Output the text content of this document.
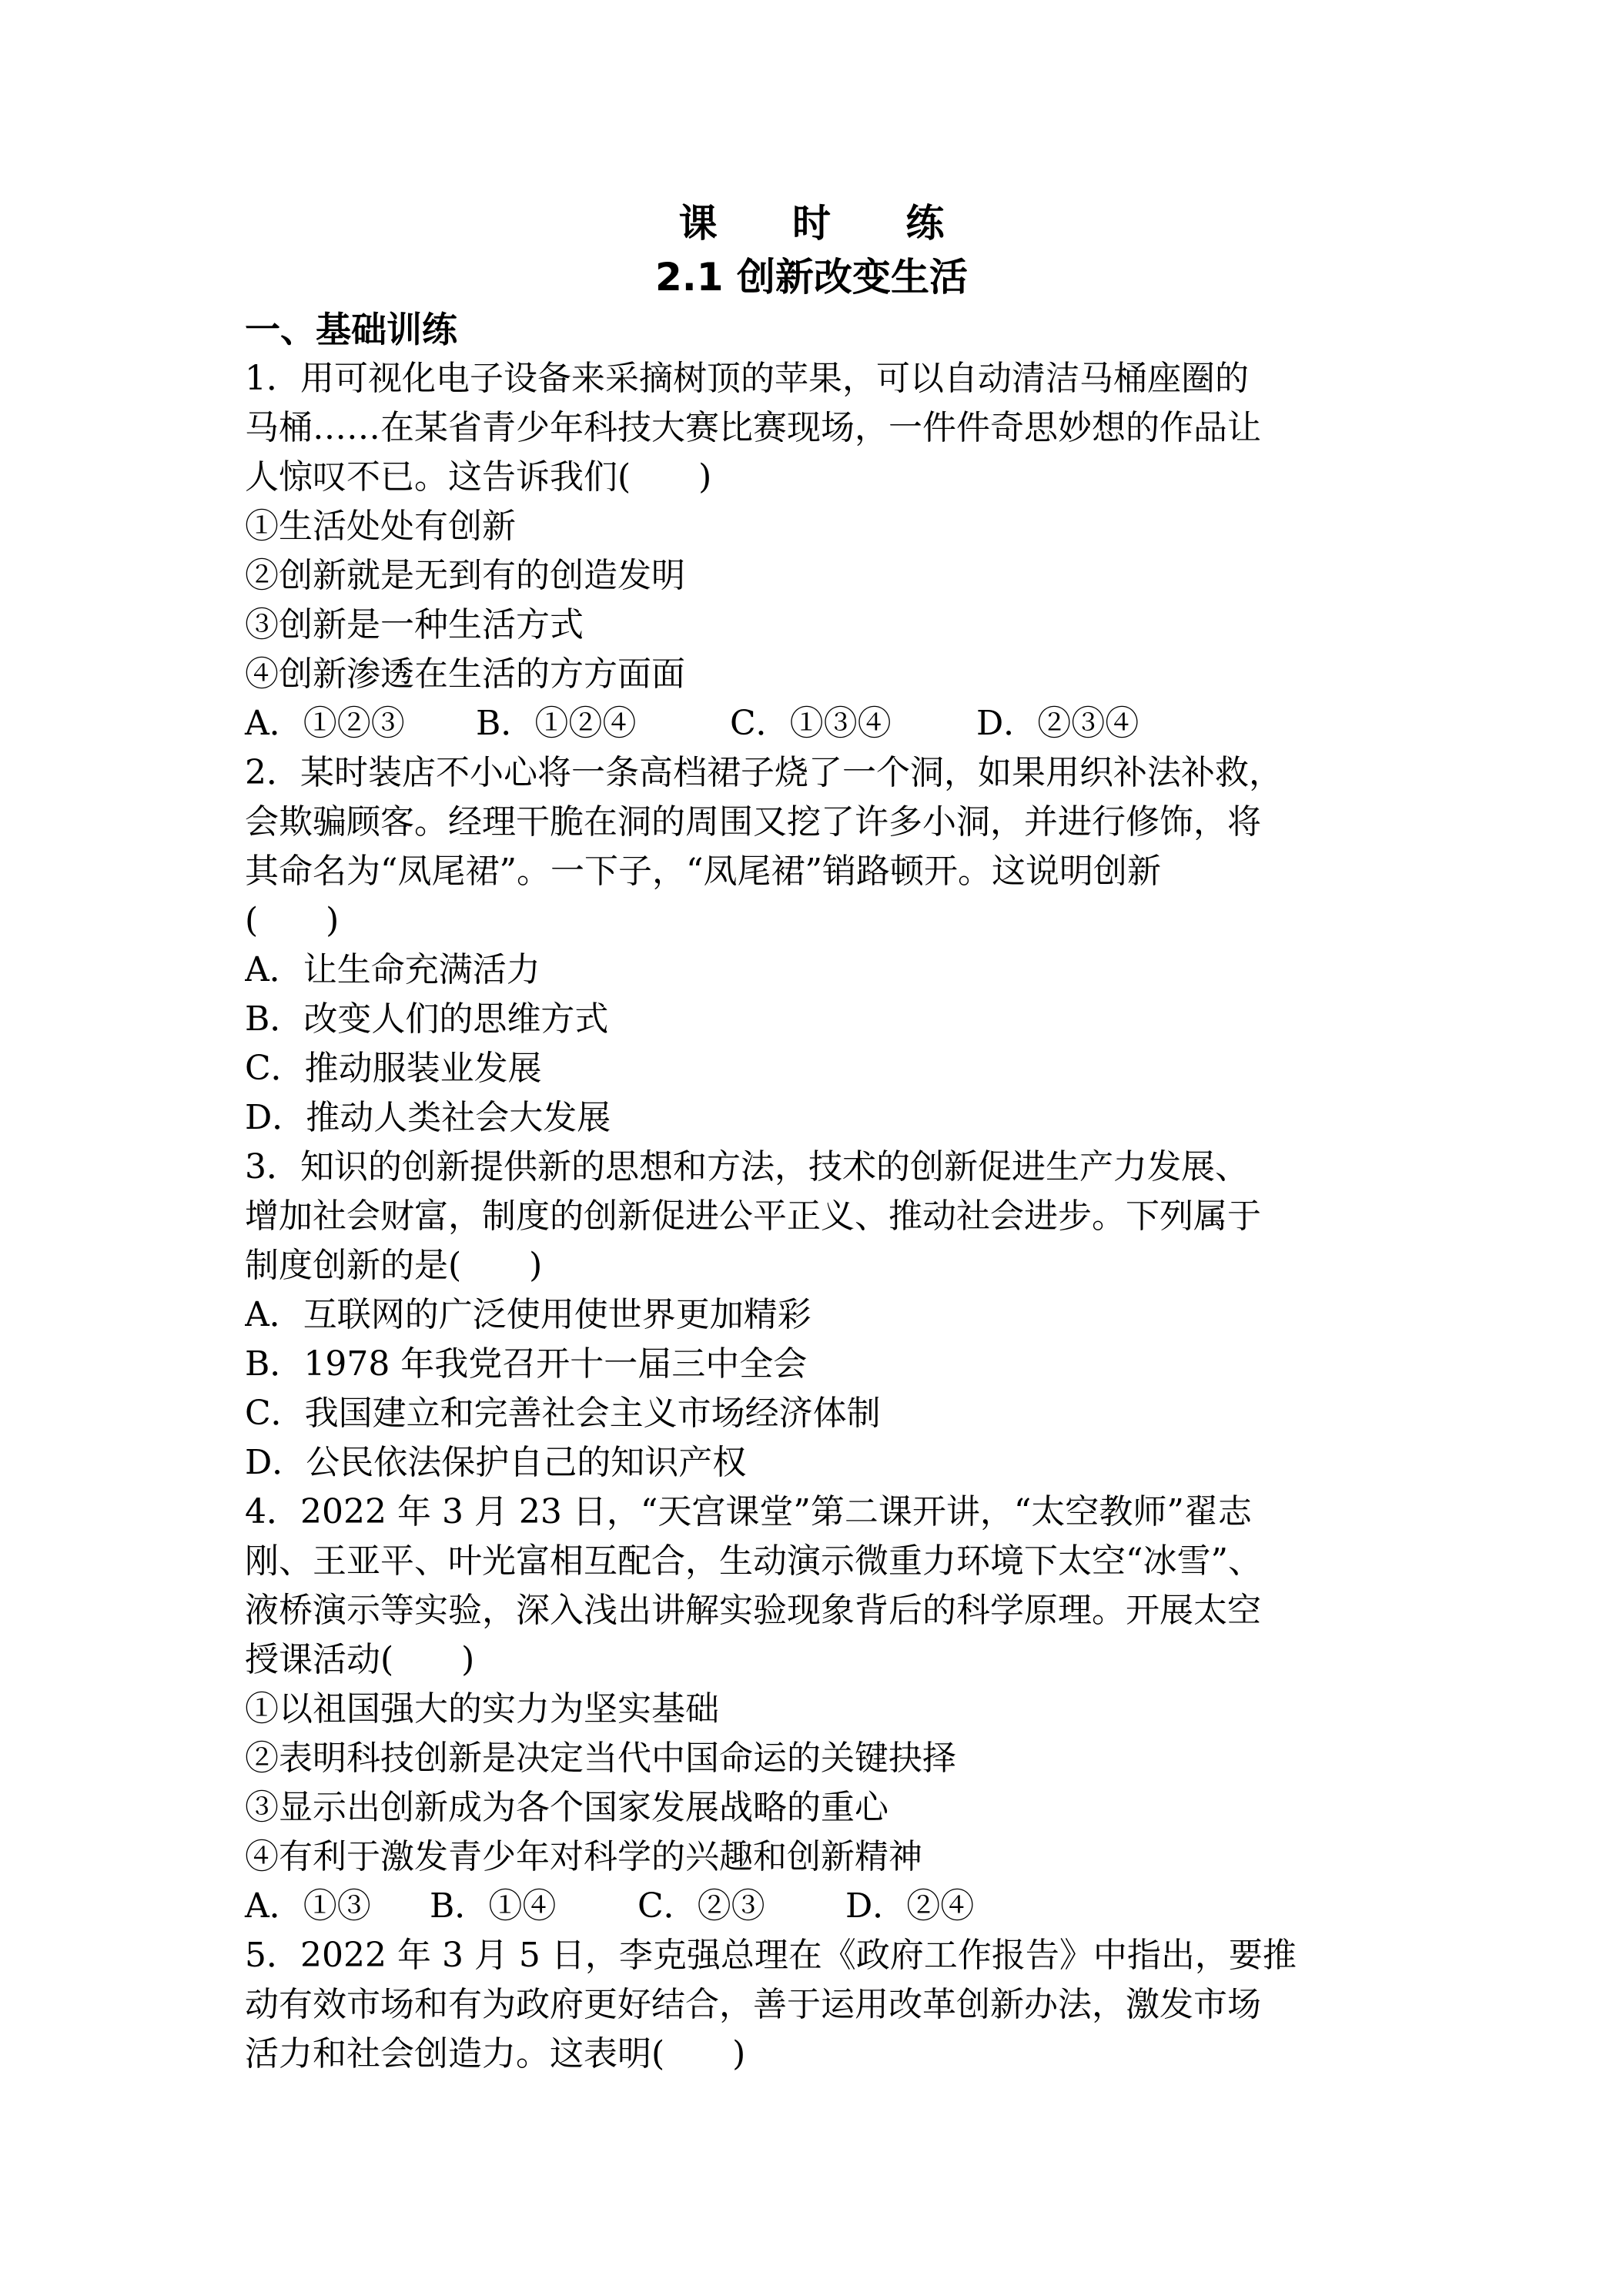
课 时 练
2.1 创新改变生活
一、基础训练
1．用可视化电子设备来采摘树顶的苹果，可以自动清洁马桶座圈的
马桶……在某省青少年科技大赛比赛现场，一件件奇思妙想的作品让
人惊叹不已。这告诉我们(　　)
①生活处处有创新
②创新就是无到有的创造发明
③创新是一种生活方式
④创新渗透在生活的方方面面
A．①②③	B．①②④	C．①③④	D．②③④
2．某时装店不小心将一条高档裙子烧了一个洞，如果用织补法补救，
会欺骗顾客。经理干脆在洞的周围又挖了许多小洞，并进行修饰，将
其命名为“凤尾裙”。一下子，“凤尾裙”销路顿开。这说明创新
(　　)
A．让生命充满活力
B．改变人们的思维方式
C．推动服装业发展
D．推动人类社会大发展
3．知识的创新提供新的思想和方法，技术的创新促进生产力发展、
增加社会财富，制度的创新促进公平正义、推动社会进步。下列属于
制度创新的是(　　)
A．互联网的广泛使用使世界更加精彩
B．1978 年我党召开十一届三中全会
C．我国建立和完善社会主义市场经济体制
D．公民依法保护自己的知识产权
4．2022 年 3 月 23 日，“天宫课堂”第二课开讲，“太空教师”翟志
刚、王亚平、叶光富相互配合，生动演示微重力环境下太空“冰雪”、
液桥演示等实验，深入浅出讲解实验现象背后的科学原理。开展太空
授课活动(　　)
①以祖国强大的实力为坚实基础
②表明科技创新是决定当代中国命运的关键抉择
③显示出创新成为各个国家发展战略的重心
④有利于激发青少年对科学的兴趣和创新精神
A．①③	B．①④	C．②③	D．②④
5．2022 年 3 月 5 日，李克强总理在《政府工作报告》中指出，要推
动有效市场和有为政府更好结合，善于运用改革创新办法，激发市场
活力和社会创造力。这表明(　　)
